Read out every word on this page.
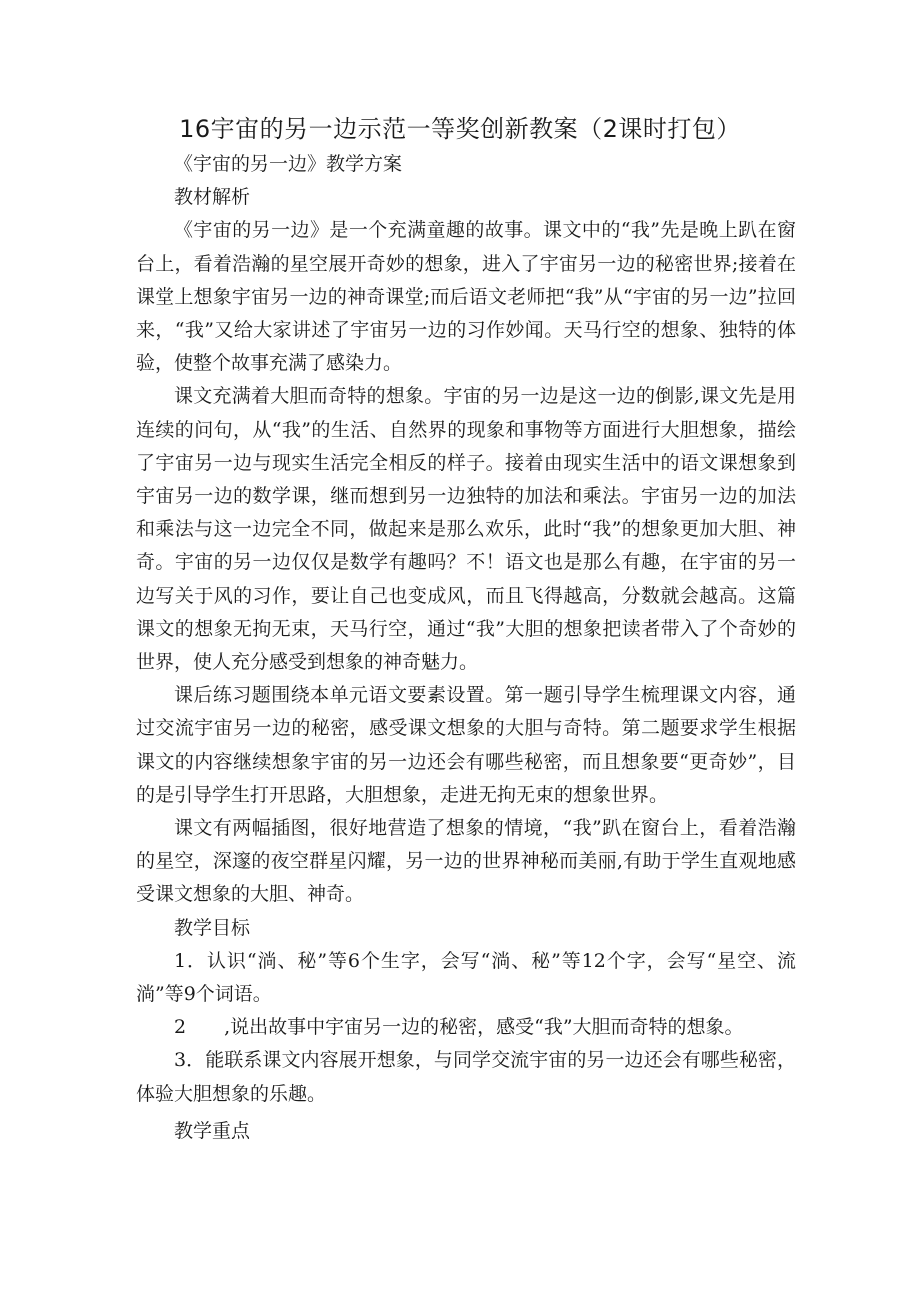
16宇宙的另一边示范一等奖创新教案（2课时打包）

《宇宙的另一边》教学方案

教材解析

《宇宙的另一边》是一个充满童趣的故事。课文中的“我”先是晚上趴在窗台上，看着浩瀚的星空展开奇妙的想象，进入了宇宙另一边的秘密世界;接着在课堂上想象宇宙另一边的神奇课堂;而后语文老师把“我”从“宇宙的另一边”拉回来，“我”又给大家讲述了宇宙另一边的习作妙闻。天马行空的想象、独特的体验，使整个故事充满了感染力。

课文充满着大胆而奇特的想象。宇宙的另一边是这一边的倒影,课文先是用连续的问句，从“我”的生活、自然界的现象和事物等方面进行大胆想象，描绘了宇宙另一边与现实生活完全相反的样子。接着由现实生活中的语文课想象到宇宙另一边的数学课，继而想到另一边独特的加法和乘法。宇宙另一边的加法和乘法与这一边完全不同，做起来是那么欢乐，此时“我”的想象更加大胆、神奇。宇宙的另一边仅仅是数学有趣吗？不！语文也是那么有趣，在宇宙的另一边写关于风的习作，要让自己也变成风，而且飞得越高，分数就会越高。这篇课文的想象无拘无束，天马行空，通过“我”大胆的想象把读者带入了个奇妙的世界，使人充分感受到想象的神奇魅力。

课后练习题围绕本单元语文要素设置。第一题引导学生梳理课文内容，通过交流宇宙另一边的秘密，感受课文想象的大胆与奇特。第二题要求学生根据课文的内容继续想象宇宙的另一边还会有哪些秘密，而且想象要“更奇妙”，目的是引导学生打开思路，大胆想象，走进无拘无束的想象世界。

课文有两幅插图，很好地营造了想象的情境，“我”趴在窗台上，看着浩瀚的星空，深邃的夜空群星闪耀，另一边的世界神秘而美丽,有助于学生直观地感受课文想象的大胆、神奇。

教学目标

1．认识“淌、秘”等6个生字，会写“淌、秘”等12个字，会写“星空、流淌”等9个词语。

2　　,说出故事中宇宙另一边的秘密，感受“我”大胆而奇特的想象。

3．能联系课文内容展开想象，与同学交流宇宙的另一边还会有哪些秘密，体验大胆想象的乐趣。

教学重点
